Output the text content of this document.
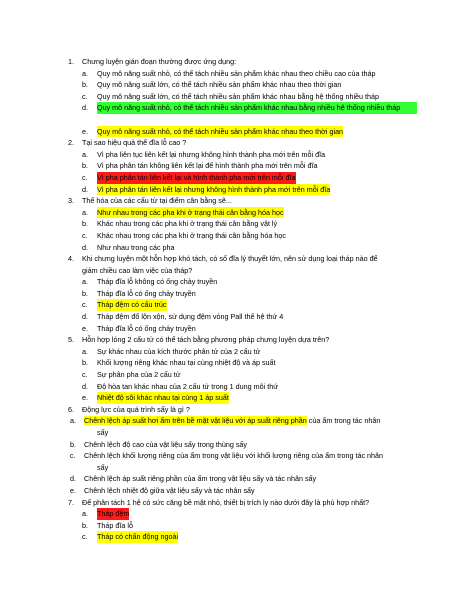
1. Chưng luyện gián đoạn thường được ứng dụng:
a. Quy mô năng suất nhỏ, có thể tách nhiều sản phẩm khác nhau theo chiều cao của tháp
b. Quy mô năng suất lớn, có thể tách nhiều sản phẩm khác nhau theo thời gian
c. Quy mô năng suất lớn, có thể tách nhiều sản phẩm khác nhau bằng hệ thống nhiều tháp
d. Quy mô năng suất nhỏ, có thể tách nhiều sản phẩm khác nhau bằng nhiều hệ thống nhiều tháp
e. Quy mô năng suất nhỏ, có thể tách nhiều sản phẩm khác nhau theo thời gian
2. Tại sao hiệu quả thể đĩa lỗ cao ?
a. Vì pha liên tục liên kết lại nhưng không hình thành pha mới trên mỗi đĩa
b. Vì pha phân tán không liên kết lại để hình thành pha mới trên mỗi đĩa
c. Vì pha phân tán liên kết lại và hình thành pha mới trên mỗi đĩa
d. Vì pha phân tán liên kết lại nhưng không hình thành pha mới trên mỗi đĩa
3. Thế hóa của các cấu tử tại điểm cân bằng sẽ...
a. Như nhau trong các pha khi ở trạng thái cân bằng hóa học
b. Khác nhau trong các pha khi ở trạng thái cân bằng vật lý
c. Khác nhau trong các pha khi ở trạng thái cân bằng hóa học
d. Như nhau trong các pha
4. Khi chưng luyện một hỗn hợp khó tách, có số đĩa lý thuyết lớn, nên sử dụng loại tháp nào để
giảm chiều cao làm việc của tháp?
a. Tháp đĩa lỗ không có ống chảy truyền
b. Tháp đĩa lỗ có ống chảy truyền
c. Tháp đệm có cấu trúc
d. Tháp đệm đổ lộn xộn, sử dụng đệm vòng Pall thế hệ thứ 4
e. Tháp đĩa lỗ có ống chảy truyền
5. Hỗn hợp lỏng 2 cấu tử có thể tách bằng phương pháp chưng luyện dựa trên?
a. Sự khác nhau của kích thước phân tử của 2 cấu tử
b. Khối lượng riêng khác nhau tại cùng nhiệt độ và áp suất
c. Sự phân pha của 2 cấu tử
d. Độ hòa tan khác nhau của 2 cấu tử trong 1 dung môi thứ
e. Nhiệt độ sôi khác nhau tại cùng 1 áp suất
6. Động lực của quá trình sấy là gì ?
a. Chênh lệch áp suất hơi ẩm trên bề mặt vật liệu với áp suất riêng phần của ẩm trong tác nhân
sấy
b. Chênh lệch độ cao của vật liệu sấy trong thùng sấy
c. Chênh lệch khối lượng riêng của ẩm trong vật liệu với khối lượng riêng của ẩm trong tác nhân
sấy
d. Chênh lệch áp suất riêng phần của ẩm trong vật liệu sấy và tác nhân sấy
e. Chênh lệch nhiệt độ giữa vật liệu sấy và tác nhân sấy
7. Để phân tách 1 hệ có sức căng bề mặt nhỏ, thiết bị trích ly nào dưới đây là phù hợp nhất?
a. Tháp đệm
b. Tháp đĩa lỗ
c. Tháp có chấn động ngoài
